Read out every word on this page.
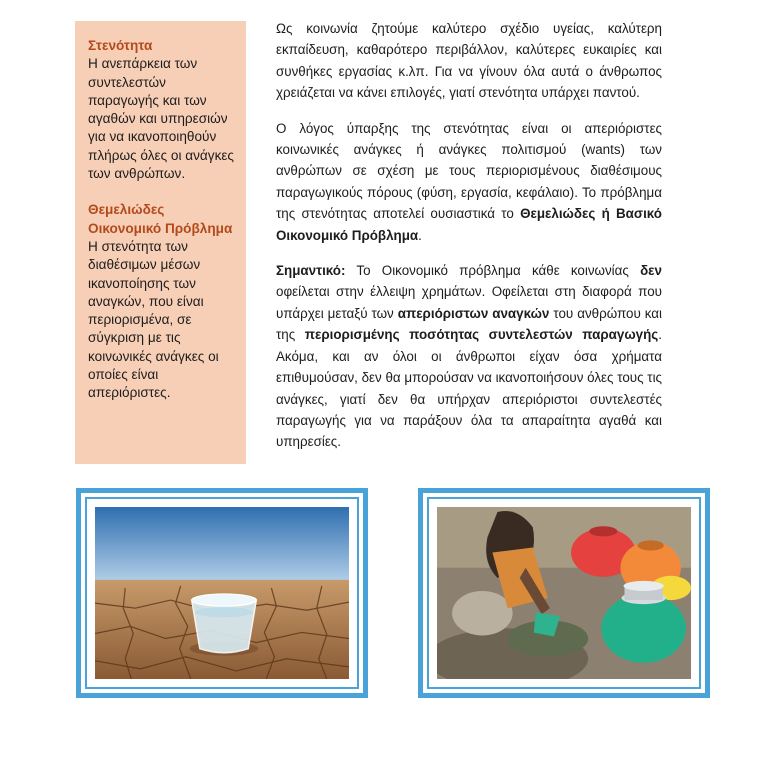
Στενότητα
Η ανεπάρκεια των συντελεστών παραγωγής και των αγαθών και υπηρεσιών για να ικανοποιηθούν πλήρως όλες οι ανάγκες των ανθρώπων.
Θεμελιώδες Οικονομικό Πρόβλημα
Η στενότητα των διαθέσιμων μέσων ικανοποίησης των αναγκών, που είναι περιορισμένα, σε σύγκριση με τις κοινωνικές ανάγκες οι οποίες είναι απεριόριστες.

Ως κοινωνία ζητούμε καλύτερο σχέδιο υγείας, καλύτερη εκπαίδευση, καθαρότερο περιβάλλον, καλύτερες ευκαιρίες και συνθήκες εργασίας κ.λπ. Για να γίνουν όλα αυτά ο άνθρωπος χρειάζεται να κάνει επιλογές, γιατί στενότητα υπάρχει παντού.

Ο λόγος ύπαρξης της στενότητας είναι οι απεριόριστες κοινωνικές ανάγκες ή ανάγκες πολιτισμού (wants) των ανθρώπων σε σχέση με τους περιορισμένους διαθέσιμους παραγωγικούς πόρους (φύση, εργασία, κεφάλαιο). Το πρόβλημα της στενότητας αποτελεί ουσιαστικά το Θεμελιώδες ή Βασικό Οικονομικό Πρόβλημα.

Σημαντικό: Το Οικονομικό πρόβλημα κάθε κοινωνίας δεν οφείλεται στην έλλειψη χρημάτων. Οφείλεται στη διαφορά που υπάρχει μεταξύ των απεριόριστων αναγκών του ανθρώπου και της περιορισμένης ποσότητας συντελεστών παραγωγής. Ακόμα, και αν όλοι οι άνθρωποι είχαν όσα χρήματα επιθυμούσαν, δεν θα μπορούσαν να ικανοποιήσουν όλες τους τις ανάγκες, γιατί δεν θα υπήρχαν απεριόριστοι συντελεστές παραγωγής για να παράξουν όλα τα απαραίτητα αγαθά και υπηρεσίες.
